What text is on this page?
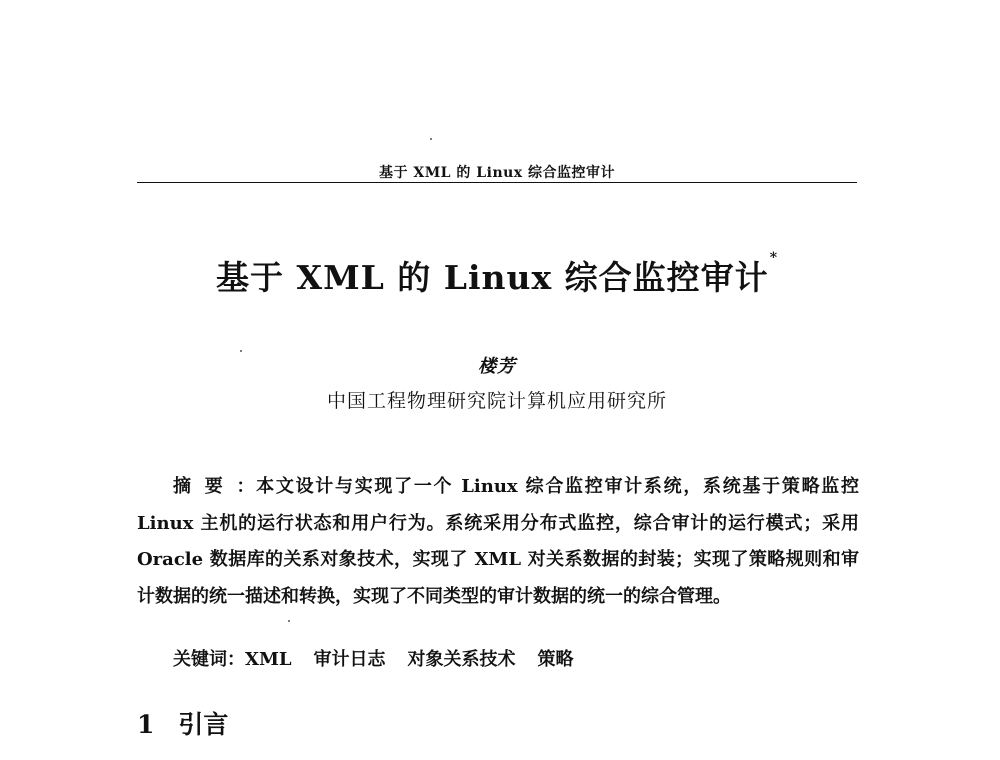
基于 XML 的 Linux 综合监控审计
基于 XML 的 Linux 综合监控审计*
楼芳
中国工程物理研究院计算机应用研究所

摘要：本文设计与实现了一个 Linux 综合监控审计系统，系统基于策略监控 Linux 主机的运行状态和用户行为。系统采用分布式监控，综合审计的运行模式；采用 Oracle 数据库的关系对象技术，实现了 XML 对关系数据的封装；实现了策略规则和审计数据的统一描述和转换，实现了不同类型的审计数据的统一的综合管理。

关键词：XML 审计日志 对象关系技术 策略
1 引言
